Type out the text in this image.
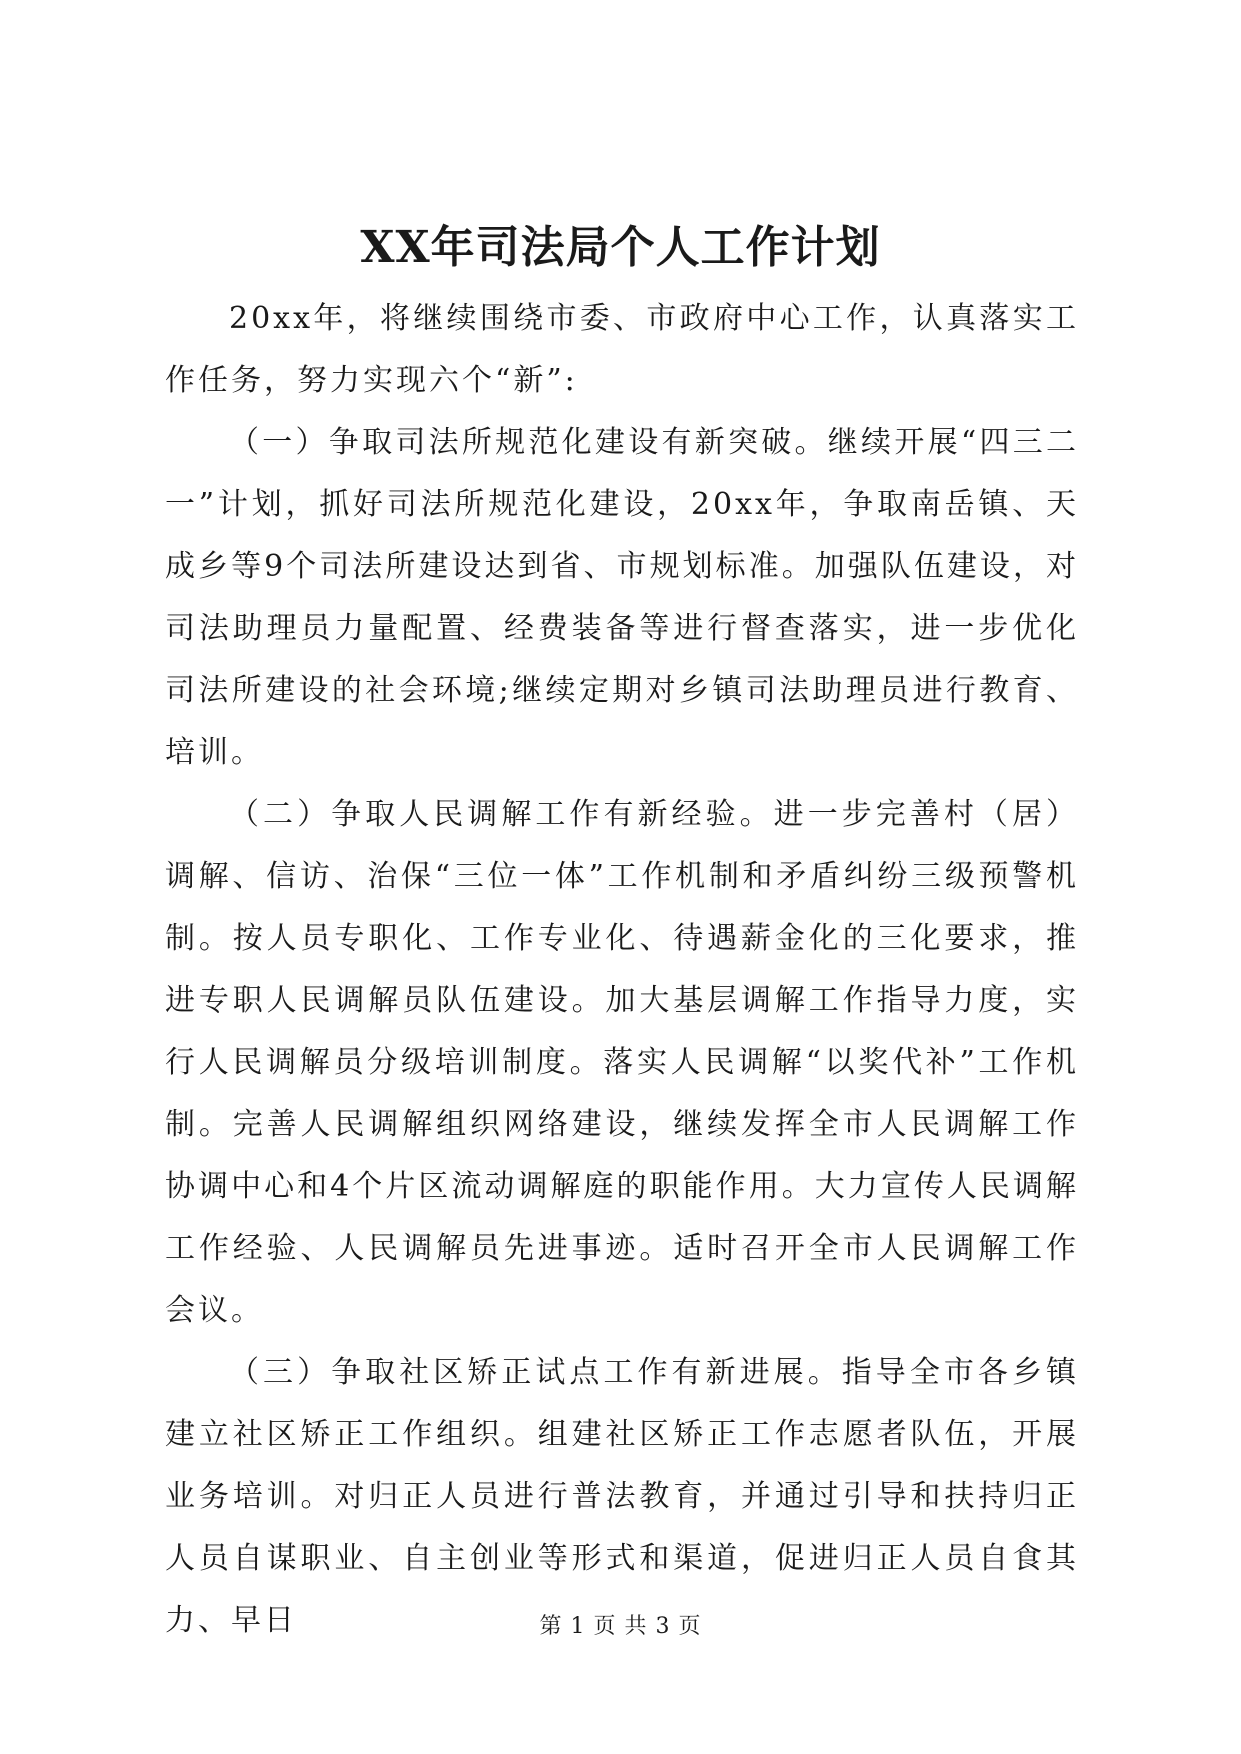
XX年司法局个人工作计划

20xx年，将继续围绕市委、市政府中心工作，认真落实工作任务，努力实现六个“新”:

（一）争取司法所规范化建设有新突破。继续开展“四三二一”计划，抓好司法所规范化建设，20xx年，争取南岳镇、天成乡等9个司法所建设达到省、市规划标准。加强队伍建设，对司法助理员力量配置、经费装备等进行督查落实，进一步优化司法所建设的社会环境;继续定期对乡镇司法助理员进行教育、培训。

（二）争取人民调解工作有新经验。进一步完善村（居）调解、信访、治保“三位一体”工作机制和矛盾纠纷三级预警机制。按人员专职化、工作专业化、待遇薪金化的三化要求，推进专职人民调解员队伍建设。加大基层调解工作指导力度，实行人民调解员分级培训制度。落实人民调解“以奖代补”工作机制。完善人民调解组织网络建设，继续发挥全市人民调解工作协调中心和4个片区流动调解庭的职能作用。大力宣传人民调解工作经验、人民调解员先进事迹。适时召开全市人民调解工作会议。

（三）争取社区矫正试点工作有新进展。指导全市各乡镇建立社区矫正工作组织。组建社区矫正工作志愿者队伍，开展业务培训。对归正人员进行普法教育，并通过引导和扶持归正人员自谋职业、自主创业等形式和渠道，促进归正人员自食其力、早日	第 1 页 共 3 页
